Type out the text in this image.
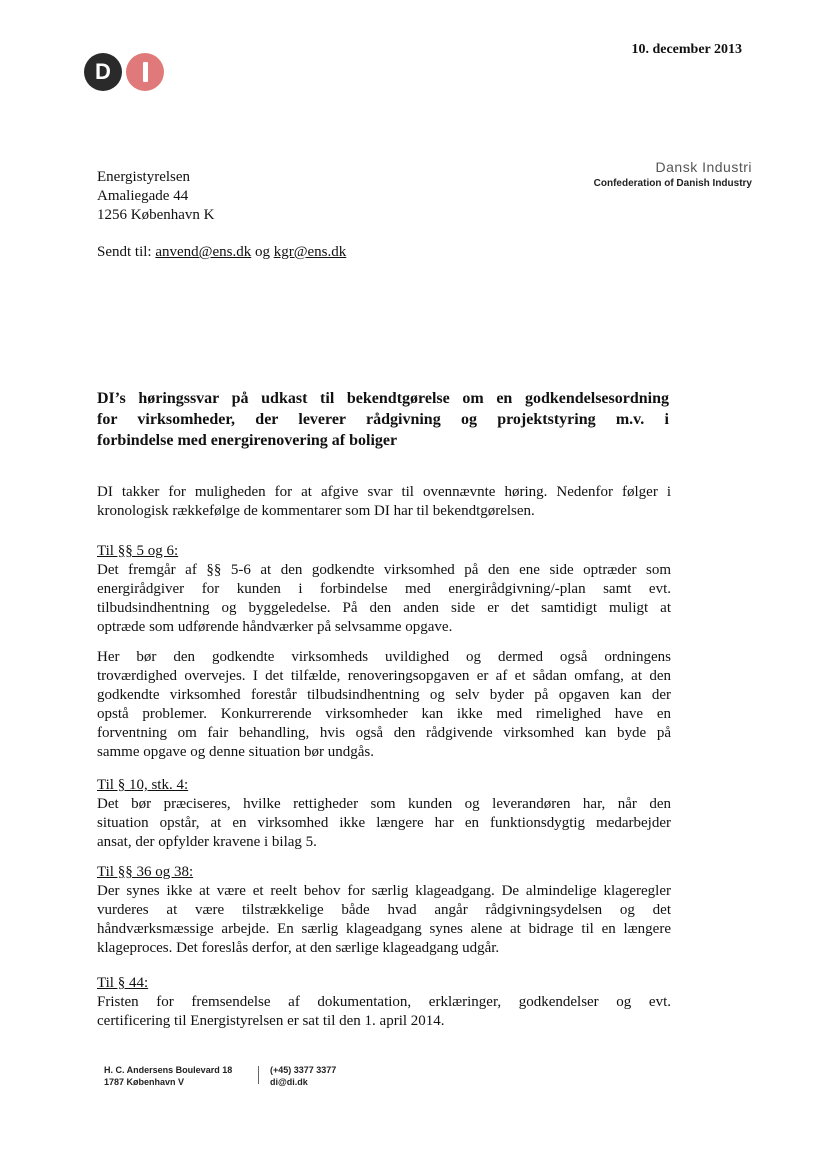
D
10. december 2013
Dansk Industri
Confederation of Danish Industry
Energistyrelsen
Amaliegade 44
1256 København K
Sendt til: anvend@ens.dk og kgr@ens.dk
DI’s høringssvar på udkast til bekendtgørelse om en godkendelsesordning
for virksomheder, der leverer rådgivning og projektstyring m.v. i
forbindelse med energirenovering af boliger
DI takker for muligheden for at afgive svar til ovennævnte høring. Nedenfor følger i
kronologisk rækkefølge de kommentarer som DI har til bekendtgørelsen.
Til §§ 5 og 6:
Det fremgår af §§ 5-6 at den godkendte virksomhed på den ene side optræder som
energirådgiver for kunden i forbindelse med energirådgivning/-plan samt evt.
tilbudsindhentning og byggeledelse. På den anden side er det samtidigt muligt at
optræde som udførende håndværker på selvsamme opgave.
Her bør den godkendte virksomheds uvildighed og dermed også ordningens
troværdighed overvejes. I det tilfælde, renoveringsopgaven er af et sådan omfang, at den
godkendte virksomhed forestår tilbudsindhentning og selv byder på opgaven kan der
opstå problemer. Konkurrerende virksomheder kan ikke med rimelighed have en
forventning om fair behandling, hvis også den rådgivende virksomhed kan byde på
samme opgave og denne situation bør undgås.
Til § 10, stk. 4:
Det bør præciseres, hvilke rettigheder som kunden og leverandøren har, når den
situation opstår, at en virksomhed ikke længere har en funktionsdygtig medarbejder
ansat, der opfylder kravene i bilag 5.
Til §§ 36 og 38:
Der synes ikke at være et reelt behov for særlig klageadgang. De almindelige klageregler
vurderes at være tilstrækkelige både hvad angår rådgivningsydelsen og det
håndværksmæssige arbejde. En særlig klageadgang synes alene at bidrage til en længere
klageproces. Det foreslås derfor, at den særlige klageadgang udgår.
Til § 44:
Fristen for fremsendelse af dokumentation, erklæringer, godkendelser og evt.
certificering til Energistyrelsen er sat til den 1. april 2014.
H. C. Andersens Boulevard 18
1787 København V
(+45) 3377 3377
di@di.dk
